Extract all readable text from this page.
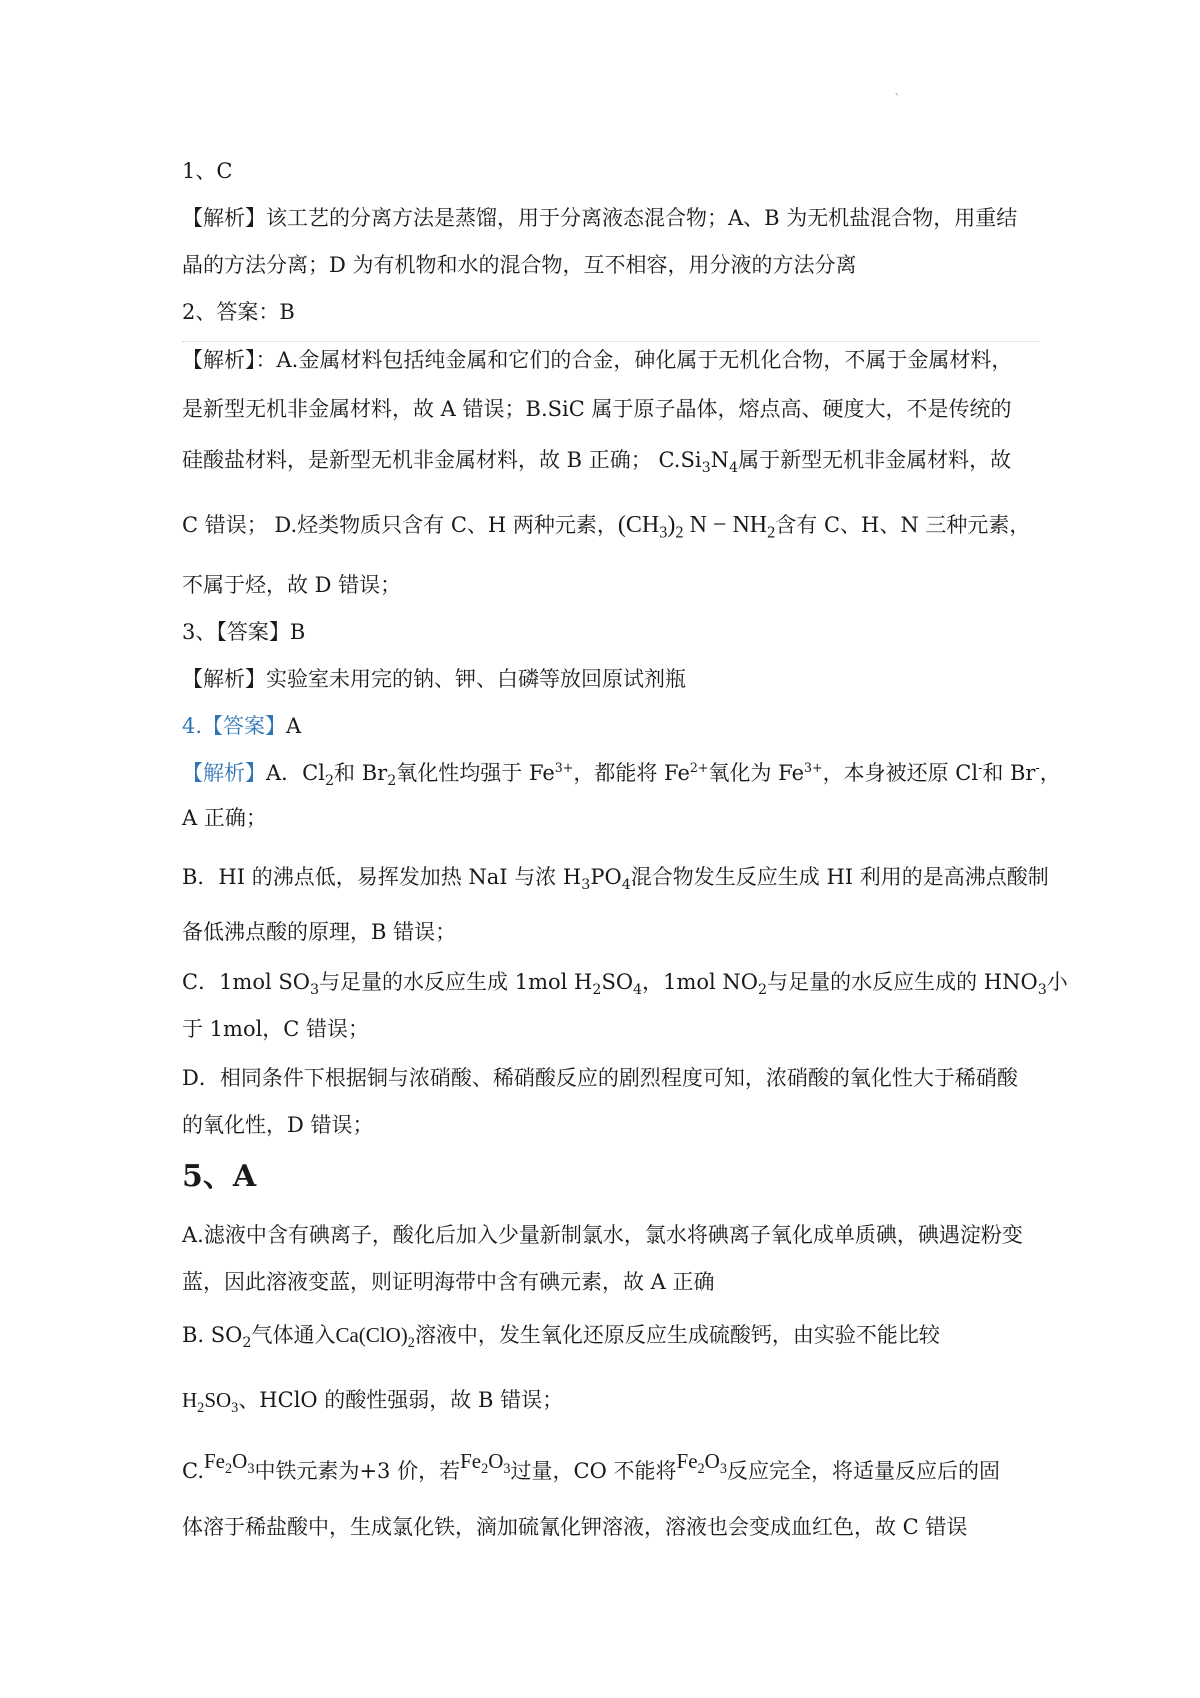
`
1、C
【解析】该工艺的分离方法是蒸馏，用于分离液态混合物；A、B 为无机盐混合物，用重结
晶的方法分离；D 为有机物和水的混合物，互不相容，用分液的方法分离
2、答案：B
【解析】：A.金属材料包括纯金属和它们的合金，砷化属于无机化合物，不属于金属材料，
是新型无机非金属材料，故 A 错误；B.SiC 属于原子晶体，熔点高、硬度大，不是传统的
硅酸盐材料，是新型无机非金属材料，故 B 正确； $C.Si_3N_4$属于新型无机非金属材料，故
C 错误； D.烃类物质只含有 C、H 两种元素，$(CH_3)_2$ $N - NH_2$含有 C、H、N 三种元素，
不属于烃，故 D 错误；
3、【答案】B
【解析】实验室未用完的钠、钾、白磷等放回原试剂瓶
4.【答案】A
【解析】A．$Cl_2$和 $Br_2$氧化性均强于 $Fe^{3+}$，都能将 $Fe^{2+}$氧化为 $Fe^{3+}$，本身被还原 Cl-和 Br-，
A 正确；
B．HI 的沸点低，易挥发加热 NaI 与浓 $H_3PO_4$混合物发生反应生成 HI 利用的是高沸点酸制
备低沸点酸的原理，B 错误；
C．1mol $SO_3$与足量的水反应生成 1mol $H_2SO_4$，1mol $NO_2$与足量的水反应生成的 $HNO_3$小
于 1mol，C 错误；
D．相同条件下根据铜与浓硝酸、稀硝酸反应的剧烈程度可知，浓硝酸的氧化性大于稀硝酸
的氧化性，D 错误；
5、A
A.滤液中含有碘离子，酸化后加入少量新制氯水，氯水将碘离子氧化成单质碘，碘遇淀粉变
蓝，因此溶液变蓝，则证明海带中含有碘元素，故 A 正确
B. $SO_2$气体通入$Ca(ClO)_2$溶液中，发生氧化还原反应生成硫酸钙，由实验不能比较
$H_2SO_3$、HClO 的酸性强弱，故 B 错误；
$C.Fe_2O_3$中铁元素为+3 价，若$Fe_2O_3$过量，CO 不能将$Fe_2O_3$反应完全，将适量反应后的固
体溶于稀盐酸中，生成氯化铁，滴加硫氰化钾溶液，溶液也会变成血红色，故 C 错误
